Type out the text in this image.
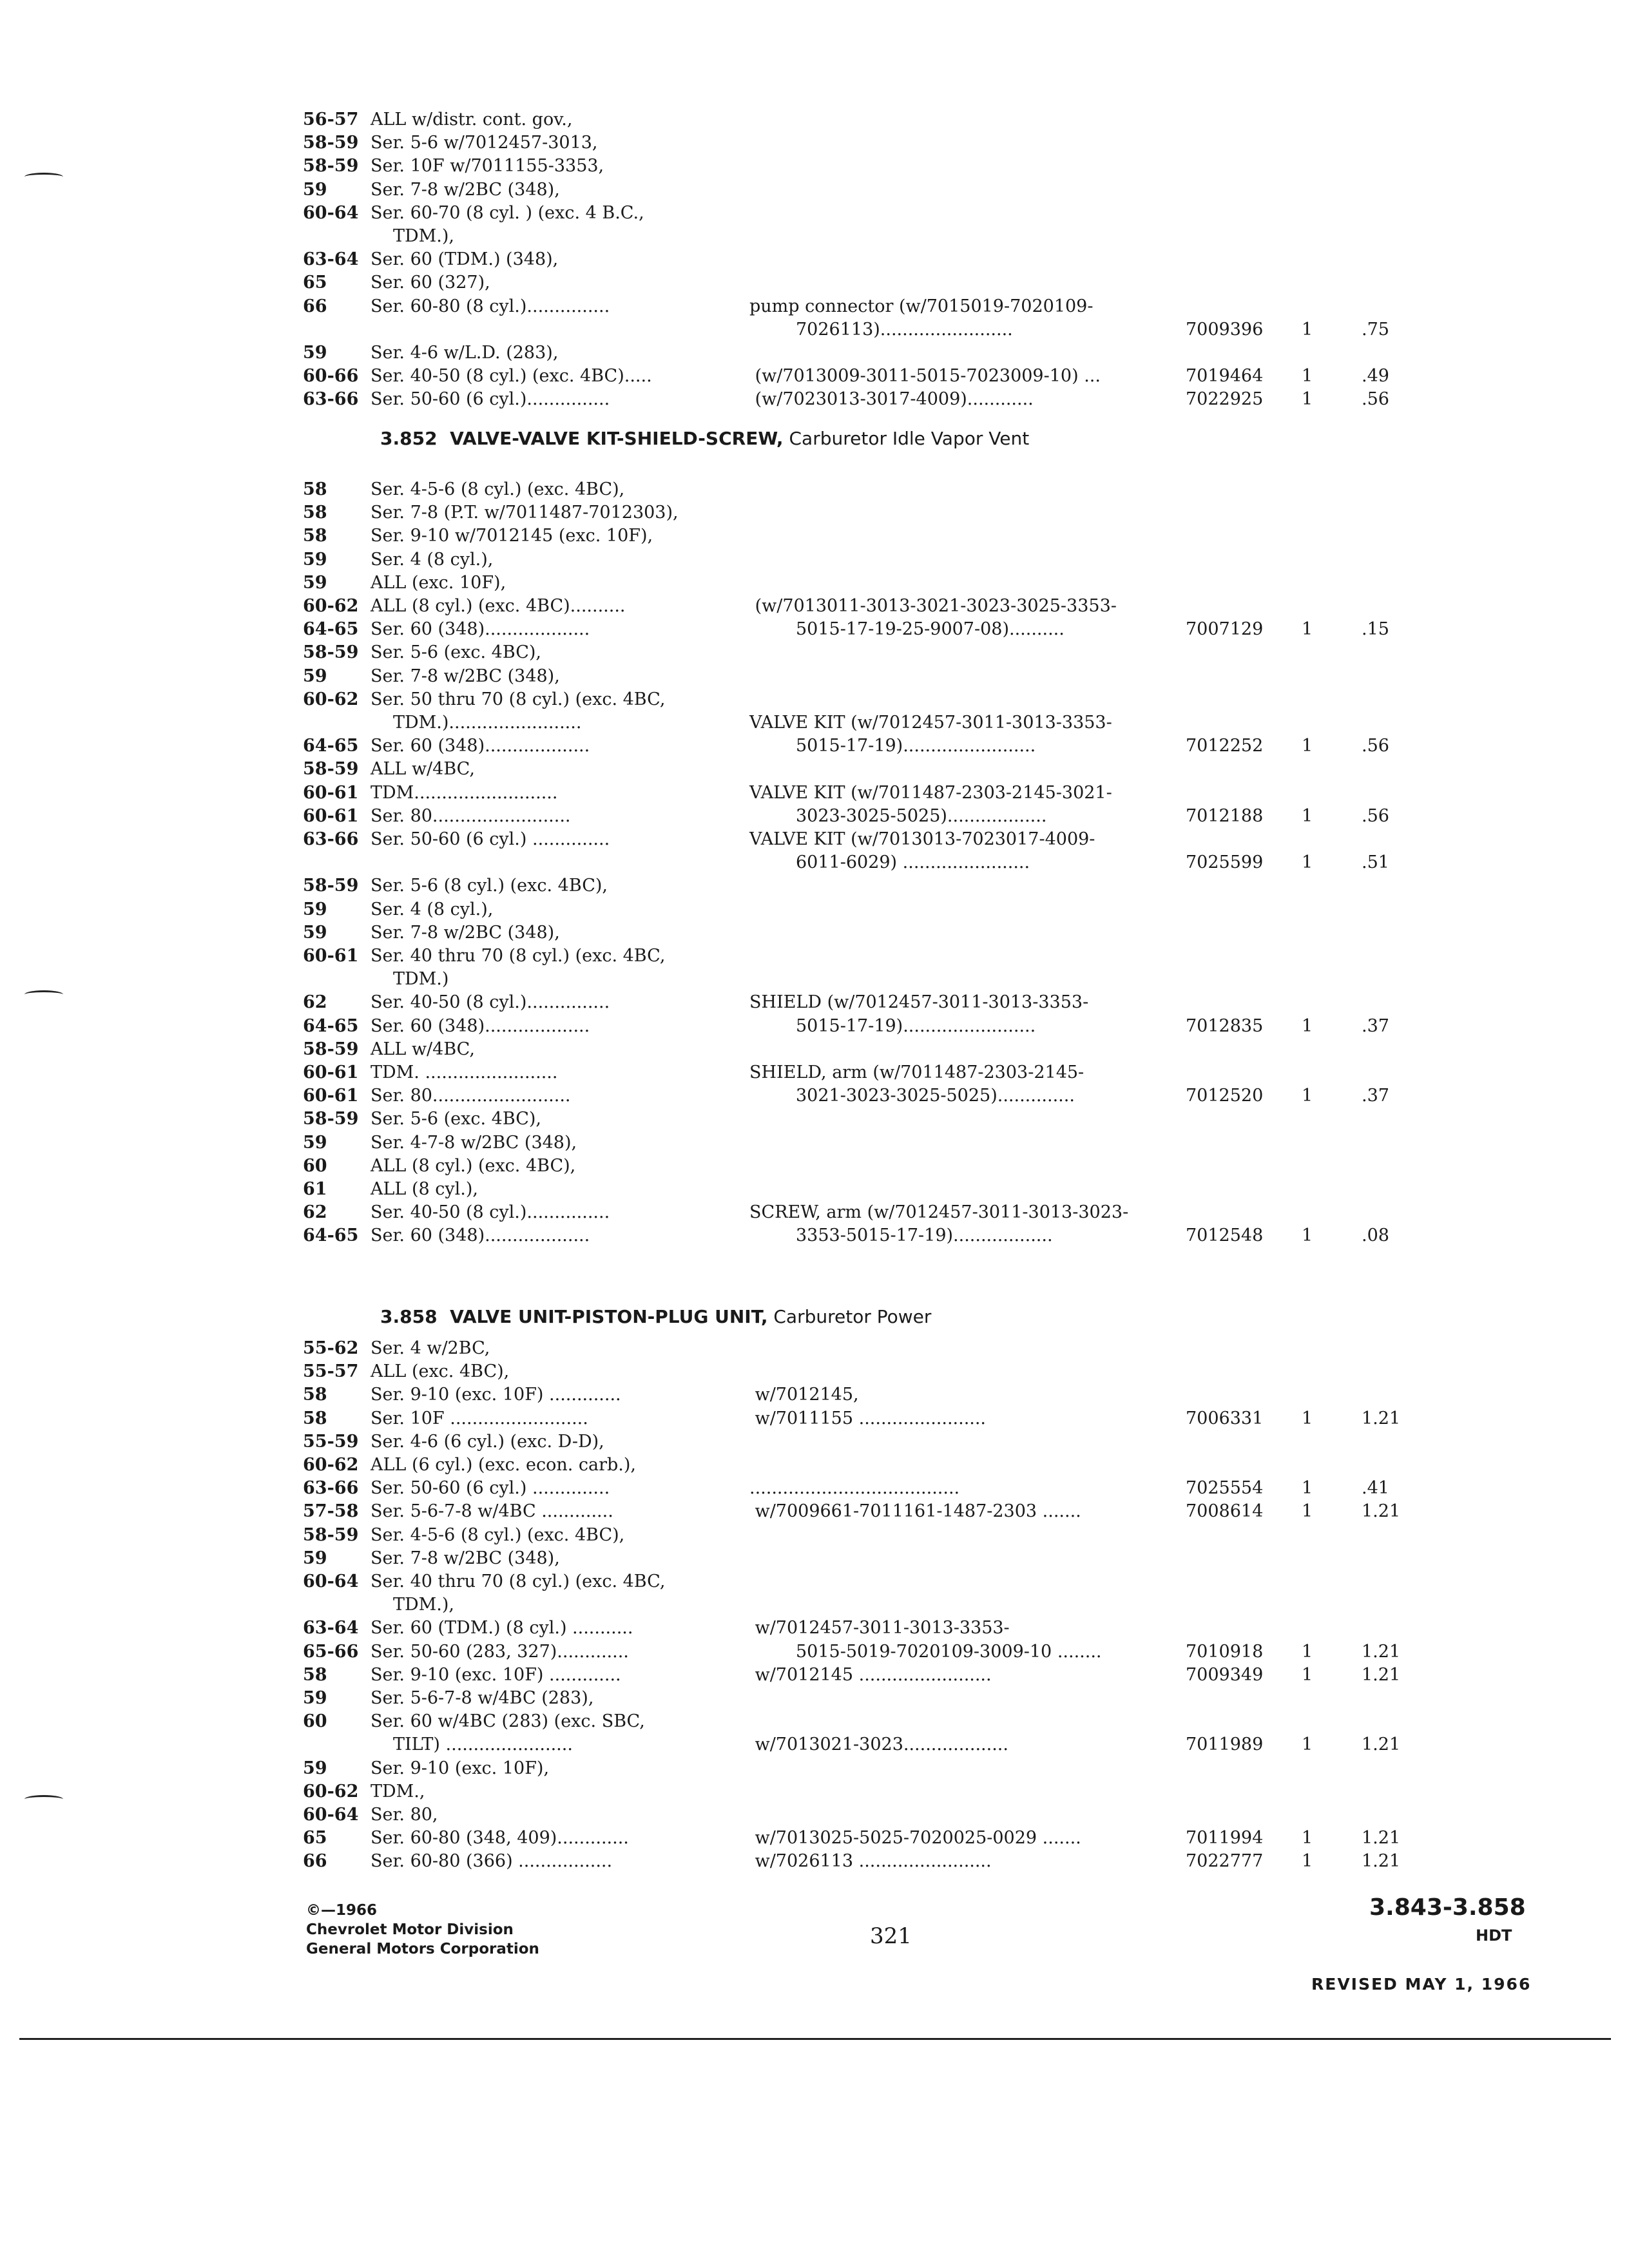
56-57 ALL w/distr. cont. gov.,
58-59 Ser. 5-6 w/7012457-3013,
58-59 Ser. 10F w/7011155-3353,
59 Ser. 7-8 w/2BC (348),
60-64 Ser. 60-70 (8 cyl. ) (exc. 4 B.C.,
TDM.),
63-64 Ser. 60 (TDM.) (348),
65 Ser. 60 (327),
66 Ser. 60-80 (8 cyl.)...............	pump connector (w/7015019-7020109-
7026113)........................	7009396 1	.75
59 Ser. 4-6 w/L.D. (283),
60-66 Ser. 40-50 (8 cyl.) (exc. 4BC).....	(w/7013009-3011-5015-7023009-10) ...	7019464 1	.49
63-66 Ser. 50-60 (6 cyl.)...............	(w/7023013-3017-4009)............	7022925 1	.56
3.852  VALVE-VALVE KIT-SHIELD-SCREW, Carburetor Idle Vapor Vent
58 Ser. 4-5-6 (8 cyl.) (exc. 4BC),
58 Ser. 7-8 (P.T. w/7011487-7012303),
58 Ser. 9-10 w/7012145 (exc. 10F),
59 Ser. 4 (8 cyl.),
59 ALL (exc. 10F),
60-62 ALL (8 cyl.) (exc. 4BC)..........	(w/7013011-3013-3021-3023-3025-3353-
64-65 Ser. 60 (348)...................	5015-17-19-25-9007-08)..........	7007129 1	.15
58-59 Ser. 5-6 (exc. 4BC),
59 Ser. 7-8 w/2BC (348),
60-62 Ser. 50 thru 70 (8 cyl.) (exc. 4BC,
TDM.)........................	VALVE KIT (w/7012457-3011-3013-3353-
64-65 Ser. 60 (348)...................	5015-17-19)........................	7012252 1	.56
58-59 ALL w/4BC,
60-61 TDM..........................	VALVE KIT (w/7011487-2303-2145-3021-
60-61 Ser. 80.........................	3023-3025-5025)..................	7012188 1	.56
63-66 Ser. 50-60 (6 cyl.) ..............	VALVE KIT (w/7013013-7023017-4009-
6011-6029) .......................	7025599 1	.51
58-59 Ser. 5-6 (8 cyl.) (exc. 4BC),
59 Ser. 4 (8 cyl.),
59 Ser. 7-8 w/2BC (348),
60-61 Ser. 40 thru 70 (8 cyl.) (exc. 4BC,
TDM.)
62 Ser. 40-50 (8 cyl.)...............	SHIELD (w/7012457-3011-3013-3353-
64-65 Ser. 60 (348)...................	5015-17-19)........................	7012835 1	.37
58-59 ALL w/4BC,
60-61 TDM. ........................	SHIELD, arm (w/7011487-2303-2145-
60-61 Ser. 80.........................	3021-3023-3025-5025)..............	7012520 1	.37
58-59 Ser. 5-6 (exc. 4BC),
59 Ser. 4-7-8 w/2BC (348),
60 ALL (8 cyl.) (exc. 4BC),
61 ALL (8 cyl.),
62 Ser. 40-50 (8 cyl.)...............	SCREW, arm (w/7012457-3011-3013-3023-
64-65 Ser. 60 (348)...................	3353-5015-17-19)..................	7012548 1	.08
3.858  VALVE UNIT-PISTON-PLUG UNIT, Carburetor Power
55-62 Ser. 4 w/2BC,
55-57 ALL (exc. 4BC),
58 Ser. 9-10 (exc. 10F) .............	w/7012145,
58 Ser. 10F .........................	w/7011155 .......................	7006331 1	1.21
55-59 Ser. 4-6 (6 cyl.) (exc. D-D),
60-62 ALL (6 cyl.) (exc. econ. carb.),
63-66 Ser. 50-60 (6 cyl.) ..............	......................................	7025554 1	.41
57-58 Ser. 5-6-7-8 w/4BC .............	w/7009661-7011161-1487-2303 .......	7008614 1	1.21
58-59 Ser. 4-5-6 (8 cyl.) (exc. 4BC),
59 Ser. 7-8 w/2BC (348),
60-64 Ser. 40 thru 70 (8 cyl.) (exc. 4BC,
TDM.),
63-64 Ser. 60 (TDM.) (8 cyl.) ...........	w/7012457-3011-3013-3353-
65-66 Ser. 50-60 (283, 327).............	5015-5019-7020109-3009-10 ........	7010918 1	1.21
58 Ser. 9-10 (exc. 10F) .............	w/7012145 ........................	7009349 1	1.21
59 Ser. 5-6-7-8 w/4BC (283),
60 Ser. 60 w/4BC (283) (exc. SBC,
TILT) .......................	w/7013021-3023...................	7011989 1	1.21
59 Ser. 9-10 (exc. 10F),
60-62 TDM.,
60-64 Ser. 80,
65 Ser. 60-80 (348, 409).............	w/7013025-5025-7020025-0029 .......	7011994 1	1.21
66 Ser. 60-80 (366) .................	w/7026113 ........................	7022777 1	1.21
©—1966
Chevrolet Motor Division
General Motors Corporation	321
3.843-3.858
HDT
REVISED MAY 1, 1966
